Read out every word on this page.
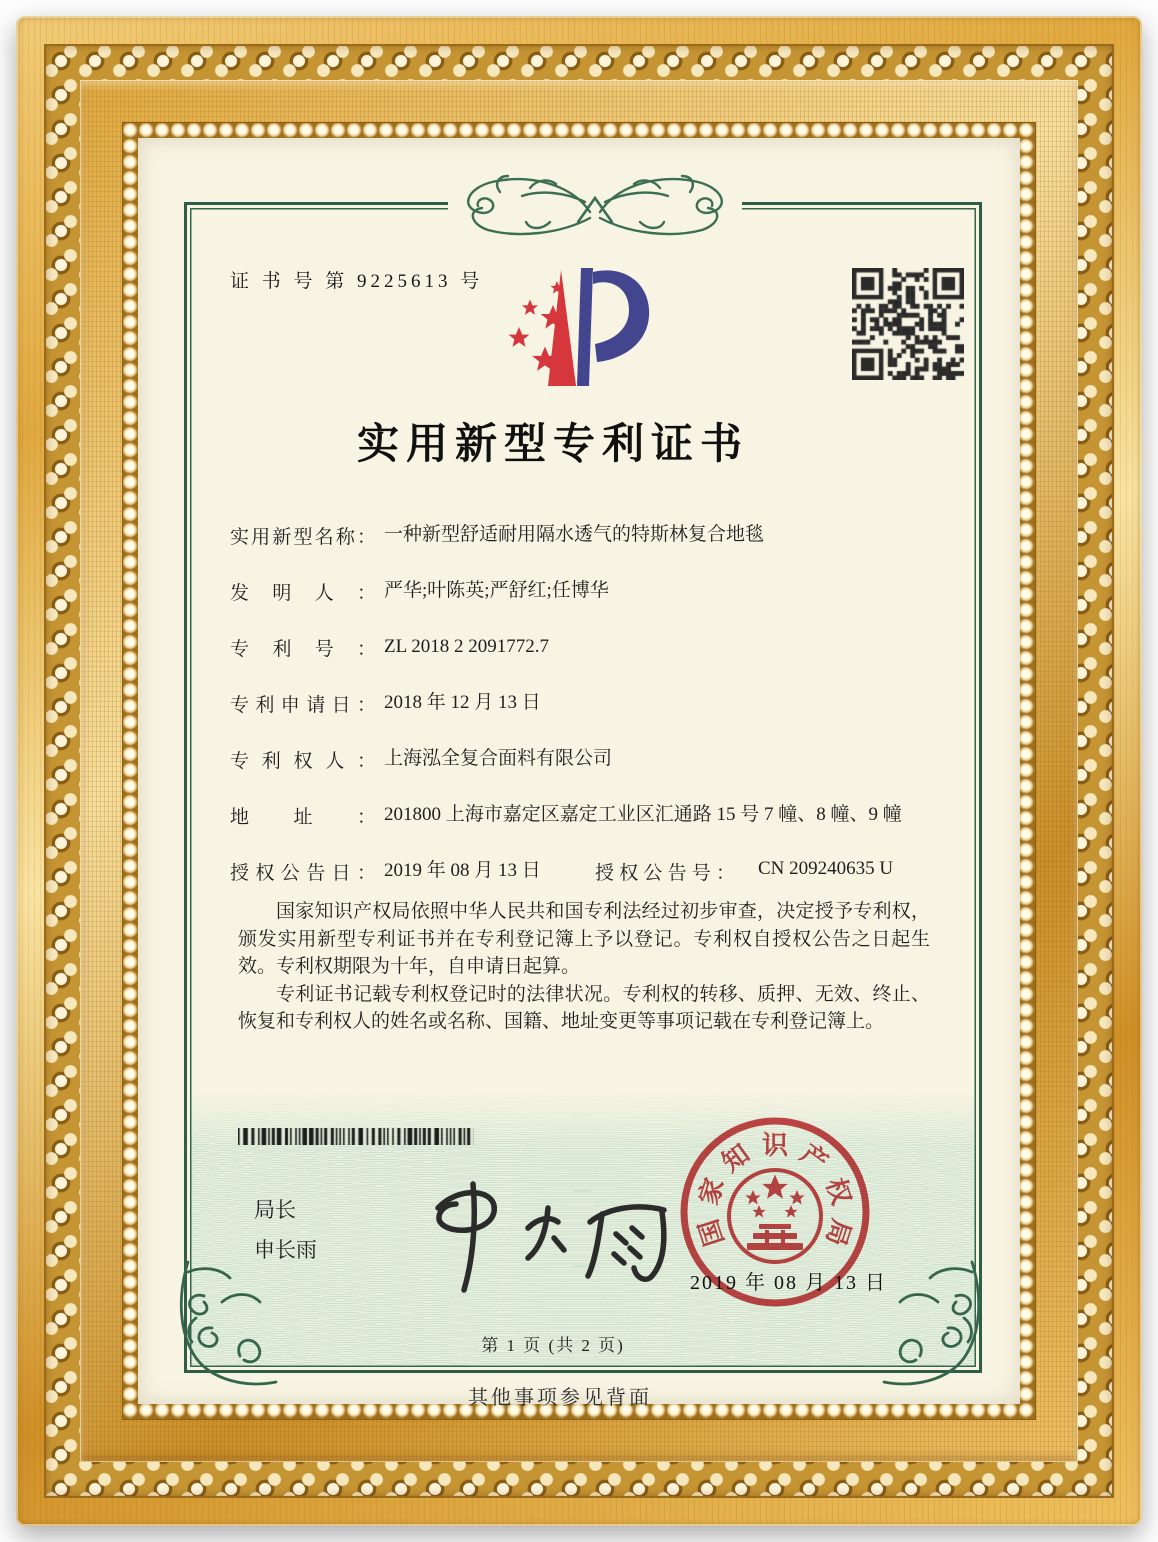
证 书 号 第 9225613 号
实用新型专利证书
实用新型名称： 一种新型舒适耐用隔水透气的特斯林复合地毯
发明人： 严华;叶陈英;严舒红;任博华
专利号： ZL 2018 2 2091772.7
专利申请日： 2018 年 12 月 13 日
专利权人： 上海泓全复合面料有限公司
地址： 201800 上海市嘉定区嘉定工业区汇通路 15 号 7 幢、8 幢、9 幢
授权公告日： 2019 年 08 月 13 日	授权公告号： CN 209240635 U

国家知识产权局依照中华人民共和国专利法经过初步审查，决定授予专利权，颁发实用新型专利证书并在专利登记簿上予以登记。专利权自授权公告之日起生效。专利权期限为十年，自申请日起算。

专利证书记载专利权登记时的法律状况。专利权的转移、质押、无效、终止、恢复和专利权人的姓名或名称、国籍、地址变更等事项记载在专利登记簿上。

局长
申长雨
国
家
知 识 产
权
局
2019 年 08 月 13 日
第 1 页 (共 2 页)
其他事项参见背面
